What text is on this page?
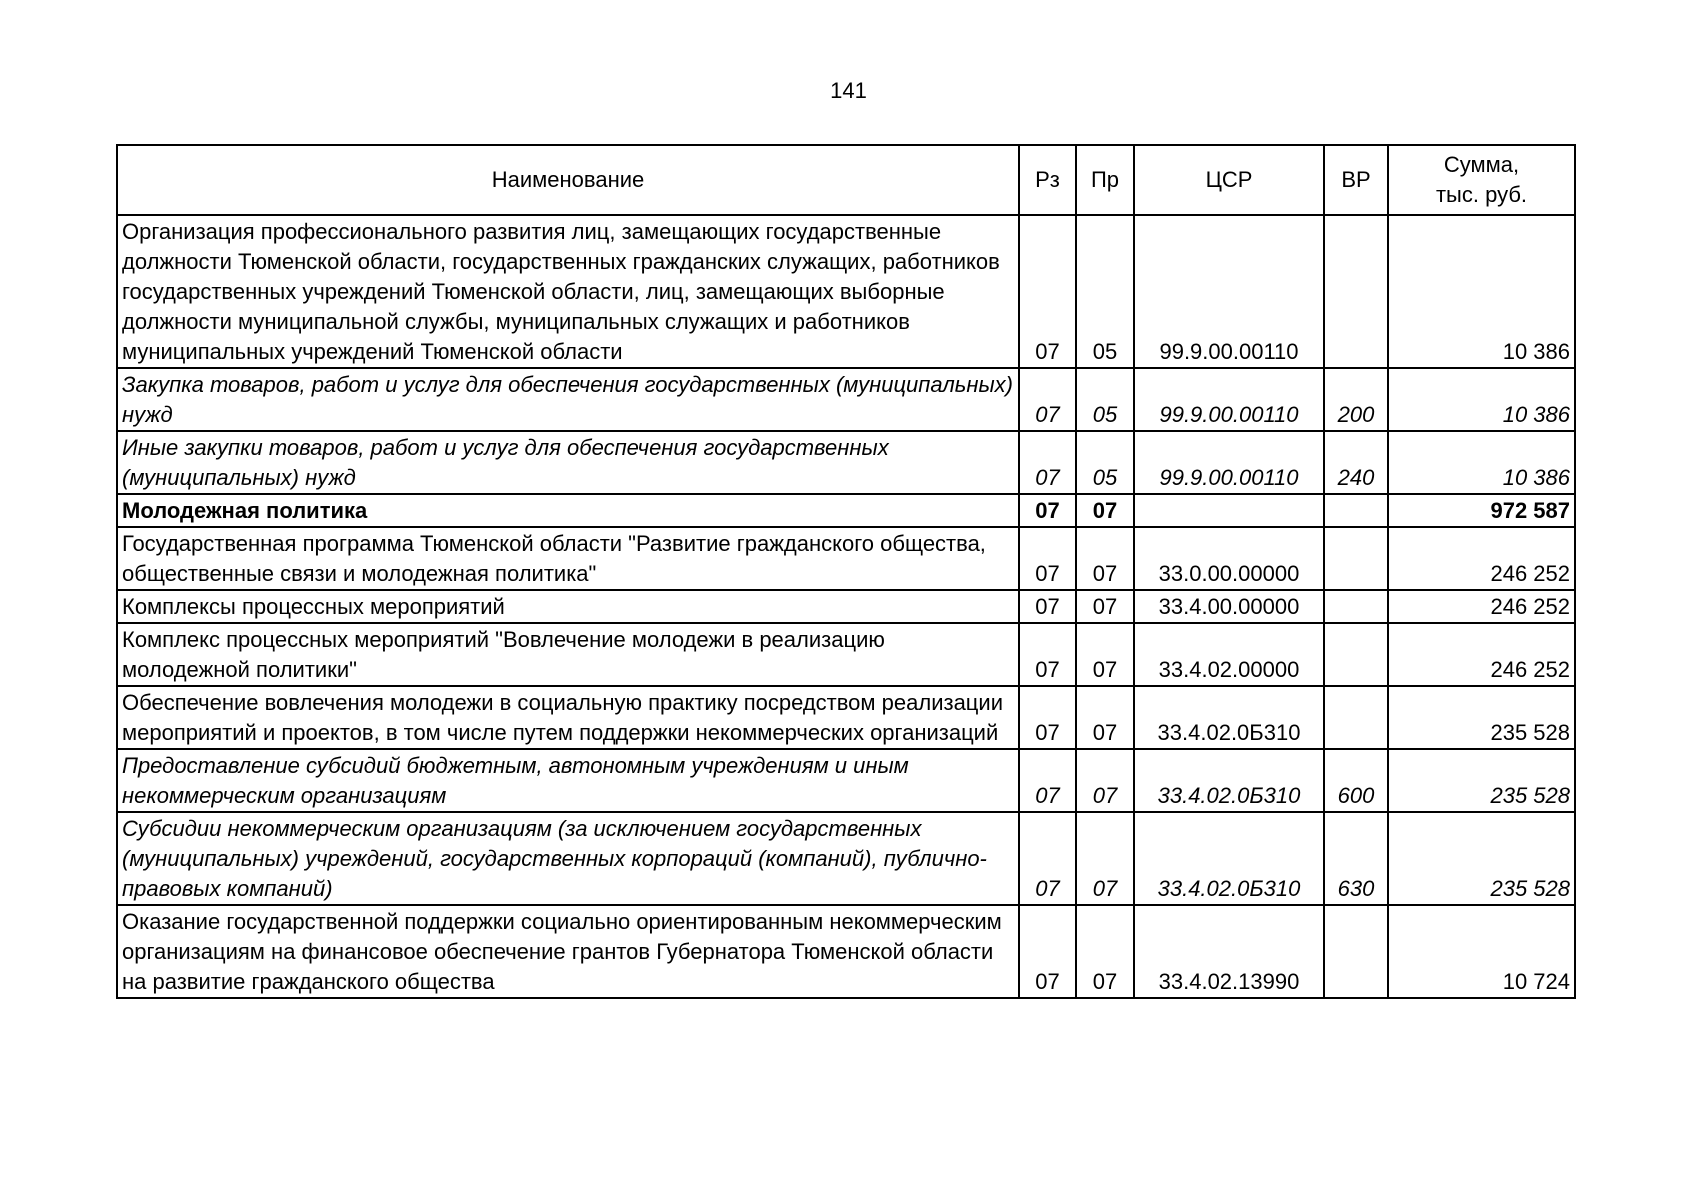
141
Наименование	Рз	Пр	ЦСР	ВР	Сумма,
тыс. руб.
Организация профессионального развития лиц, замещающих государственные должности Тюменской области, государственных гражданских служащих, работников государственных учреждений Тюменской области, лиц, замещающих выборные должности муниципальной службы, муниципальных служащих и работников муниципальных учреждений Тюменской области	07	05	99.9.00.00110		10 386
Закупка товаров, работ и услуг для обеспечения государственных (муниципальных) нужд	07	05	99.9.00.00110	200	10 386
Иные закупки товаров, работ и услуг для обеспечения государственных (муниципальных) нужд	07	05	99.9.00.00110	240	10 386
Молодежная политика	07	07			972 587
Государственная программа Тюменской области "Развитие гражданского общества, общественные связи и молодежная политика"	07	07	33.0.00.00000		246 252
Комплексы процессных мероприятий	07	07	33.4.00.00000		246 252
Комплекс процессных мероприятий "Вовлечение молодежи в реализацию молодежной политики"	07	07	33.4.02.00000		246 252
Обеспечение вовлечения молодежи в социальную практику посредством реализации мероприятий и проектов, в том числе путем поддержки некоммерческих организаций	07	07	33.4.02.0Б310		235 528
Предоставление субсидий бюджетным, автономным учреждениям и иным некоммерческим организациям	07	07	33.4.02.0Б310	600	235 528
Субсидии некоммерческим организациям (за исключением государственных (муниципальных) учреждений, государственных корпораций (компаний), публично-правовых компаний)	07	07	33.4.02.0Б310	630	235 528
Оказание государственной поддержки социально ориентированным некоммерческим организациям на финансовое обеспечение грантов Губернатора Тюменской области на развитие гражданского общества	07	07	33.4.02.13990		10 724
